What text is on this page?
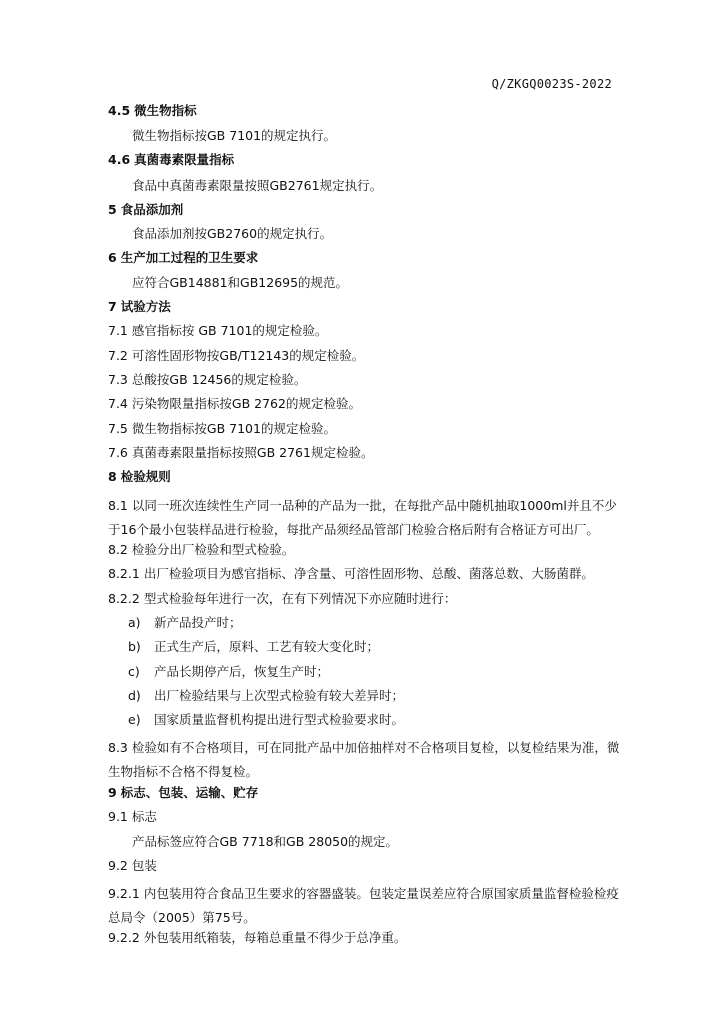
Q/ZKGQ0023S-2022
4.5 微生物指标
微生物指标按GB 7101的规定执行。
4.6 真菌毒素限量指标
食品中真菌毒素限量按照GB2761规定执行。
5 食品添加剂
食品添加剂按GB2760的规定执行。
6 生产加工过程的卫生要求
应符合GB14881和GB12695的规范。
7 试验方法
7.1 感官指标按 GB 7101的规定检验。
7.2 可溶性固形物按GB/T12143的规定检验。
7.3 总酸按GB 12456的规定检验。
7.4 污染物限量指标按GB 2762的规定检验。
7.5 微生物指标按GB 7101的规定检验。
7.6 真菌毒素限量指标按照GB 2761规定检验。
8 检验规则
8.1 以同一班次连续性生产同一品种的产品为一批，在每批产品中随机抽取1000ml并且不少于16个最小包装样品进行检验，每批产品须经品管部门检验合格后附有合格证方可出厂。
8.2 检验分出厂检验和型式检验。
8.2.1 出厂检验项目为感官指标、净含量、可溶性固形物、总酸、菌落总数、大肠菌群。
8.2.2 型式检验每年进行一次，在有下列情况下亦应随时进行：
a) 新产品投产时；
b) 正式生产后，原料、工艺有较大变化时；
c) 产品长期停产后，恢复生产时；
d) 出厂检验结果与上次型式检验有较大差异时；
e) 国家质量监督机构提出进行型式检验要求时。
8.3 检验如有不合格项目，可在同批产品中加倍抽样对不合格项目复检，以复检结果为准，微生物指标不合格不得复检。
9 标志、包装、运输、贮存
9.1 标志
产品标签应符合GB 7718和GB 28050的规定。
9.2 包装
9.2.1 内包装用符合食品卫生要求的容器盛装。包装定量误差应符合原国家质量监督检验检疫总局令（2005）第75号。
9.2.2 外包装用纸箱装，每箱总重量不得少于总净重。
